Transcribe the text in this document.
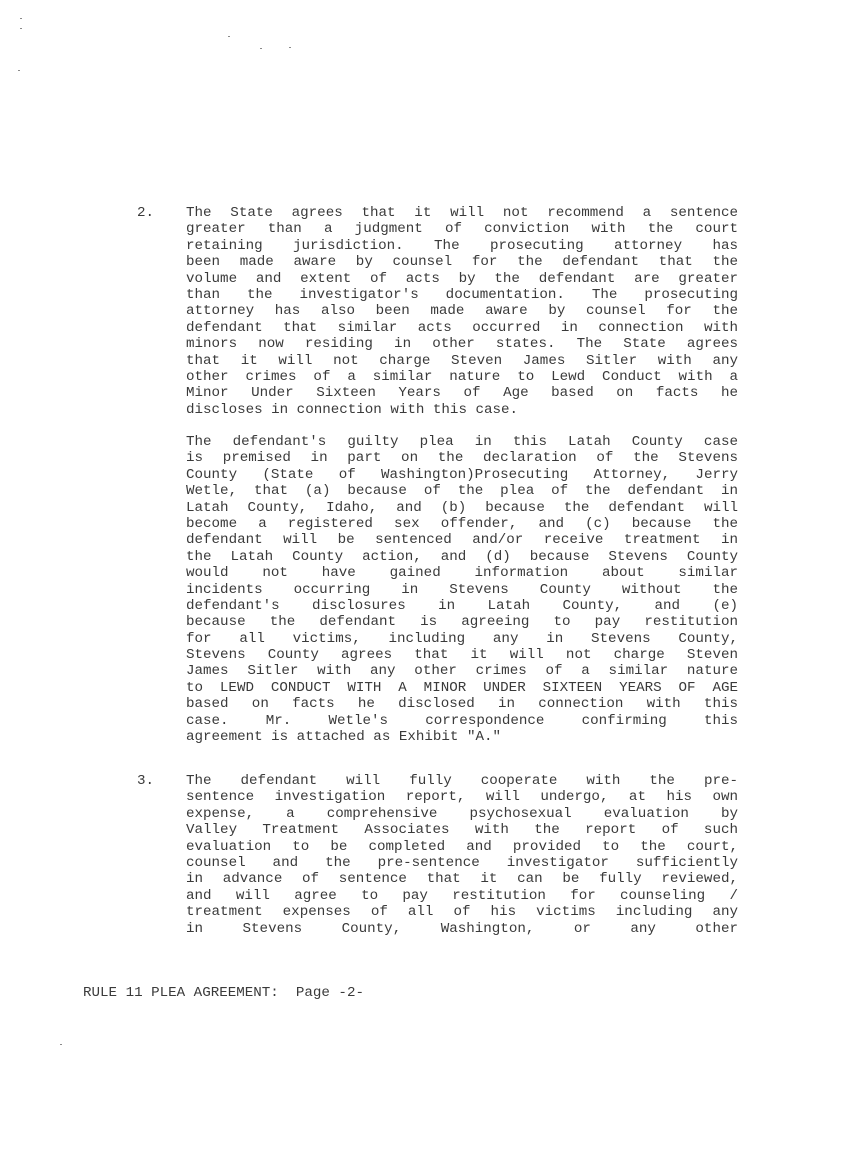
2. The State agrees that it will not recommend a sentence
greater than a judgment of conviction with the court
retaining jurisdiction. The prosecuting attorney has
been made aware by counsel for the defendant that the
volume and extent of acts by the defendant are greater
than the investigator's documentation. The prosecuting
attorney has also been made aware by counsel for the
defendant that similar acts occurred in connection with
minors now residing in other states. The State agrees
that it will not charge Steven James Sitler with any
other crimes of a similar nature to Lewd Conduct with a
Minor Under Sixteen Years of Age based on facts he
discloses in connection with this case.
The defendant's guilty plea in this Latah County case
is premised in part on the declaration of the Stevens
County (State of Washington)Prosecuting Attorney, Jerry
Wetle, that (a) because of the plea of the defendant in
Latah County, Idaho, and (b) because the defendant will
become a registered sex offender, and (c) because the
defendant will be sentenced and/or receive treatment in
the Latah County action, and (d) because Stevens County
would not have gained information about similar
incidents occurring in Stevens County without the
defendant's disclosures in Latah County, and (e)
because the defendant is agreeing to pay restitution
for all victims, including any in Stevens County,
Stevens County agrees that it will not charge Steven
James Sitler with any other crimes of a similar nature
to LEWD CONDUCT WITH A MINOR UNDER SIXTEEN YEARS OF AGE
based on facts he disclosed in connection with this
case. Mr. Wetle's correspondence confirming this
agreement is attached as Exhibit "A."
3. The defendant will fully cooperate with the pre-
sentence investigation report, will undergo, at his own
expense, a comprehensive psychosexual evaluation by
Valley Treatment Associates with the report of such
evaluation to be completed and provided to the court,
counsel and the pre-sentence investigator sufficiently
in advance of sentence that it can be fully reviewed,
and will agree to pay restitution for counseling /
treatment expenses of all of his victims including any
in Stevens County, Washington, or any other
RULE 11 PLEA AGREEMENT: Page -2-
